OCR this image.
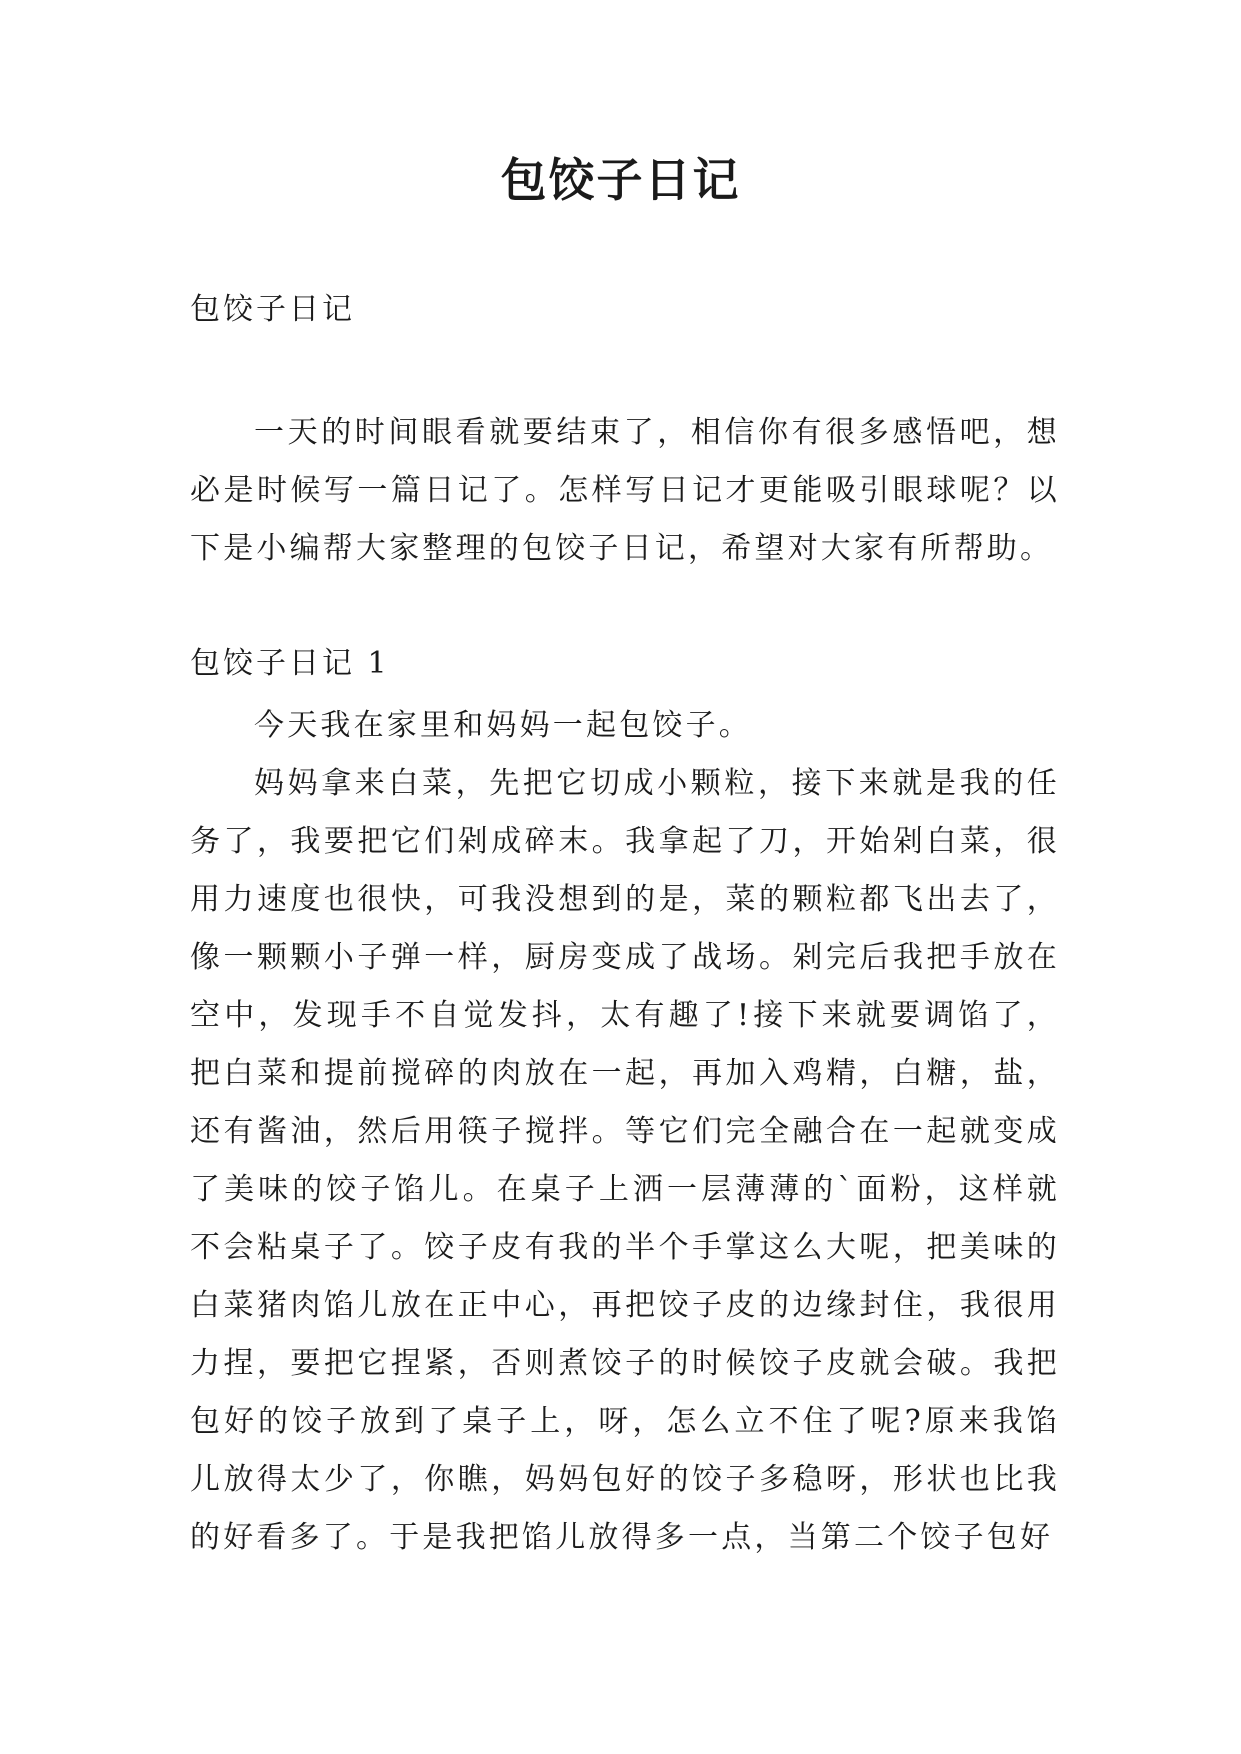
包饺子日记
包饺子日记

一天的时间眼看就要结束了，相信你有很多感悟吧，想必是时候写一篇日记了。怎样写日记才更能吸引眼球呢？以下是小编帮大家整理的包饺子日记，希望对大家有所帮助。

包饺子日记 1

今天我在家里和妈妈一起包饺子。

妈妈拿来白菜，先把它切成小颗粒，接下来就是我的任务了，我要把它们剁成碎末。我拿起了刀，开始剁白菜，很用力速度也很快，可我没想到的是，菜的颗粒都飞出去了，像一颗颗小子弹一样，厨房变成了战场。剁完后我把手放在空中，发现手不自觉发抖，太有趣了!接下来就要调馅了，把白菜和提前搅碎的肉放在一起，再加入鸡精，白糖，盐，还有酱油，然后用筷子搅拌。等它们完全融合在一起就变成了美味的饺子馅儿。在桌子上洒一层薄薄的`面粉，这样就不会粘桌子了。饺子皮有我的半个手掌这么大呢，把美味的白菜猪肉馅儿放在正中心，再把饺子皮的边缘封住，我很用力捏，要把它捏紧，否则煮饺子的时候饺子皮就会破。我把包好的饺子放到了桌子上，呀，怎么立不住了呢?原来我馅儿放得太少了，你瞧，妈妈包好的饺子多稳呀，形状也比我的好看多了。于是我把馅儿放得多一点，当第二个饺子包好
